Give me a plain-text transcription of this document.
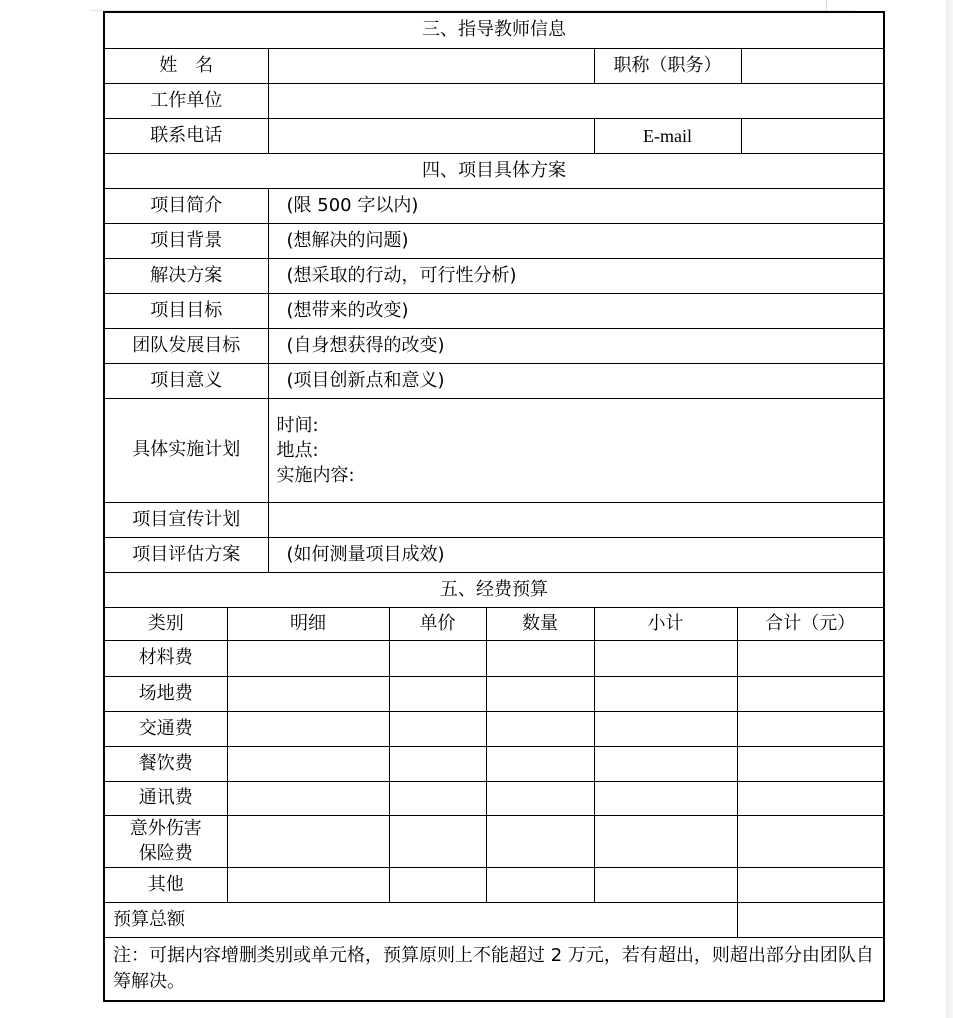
三、指导教师信息							
姓　名					职称（职务）		
工作单位							
联系电话					E-mail		
四、项目具体方案							
项目简介		(限 500 字以内)					
项目背景		(想解决的问题)					
解决方案		(想采取的行动，可行性分析)					
项目目标		(想带来的改变)					
团队发展目标		(自身想获得的改变)					
项目意义		(项目创新点和意义)					
具体实施计划		时间:
地点:
实施内容:					

项目宣传计划							
项目评估方案		(如何测量项目成效)					
五、经费预算							
类别	明细		单价	数量	小计	合计（元）	
材料费							
场地费							
交通费							
餐饮费							
通讯费							

意外伤害
保险费							

其他							
预算总额							
注：可据内容增删类别或单元格，预算原则上不能超过 2 万元，若有超出，则超出部分由团队自筹解决。							
